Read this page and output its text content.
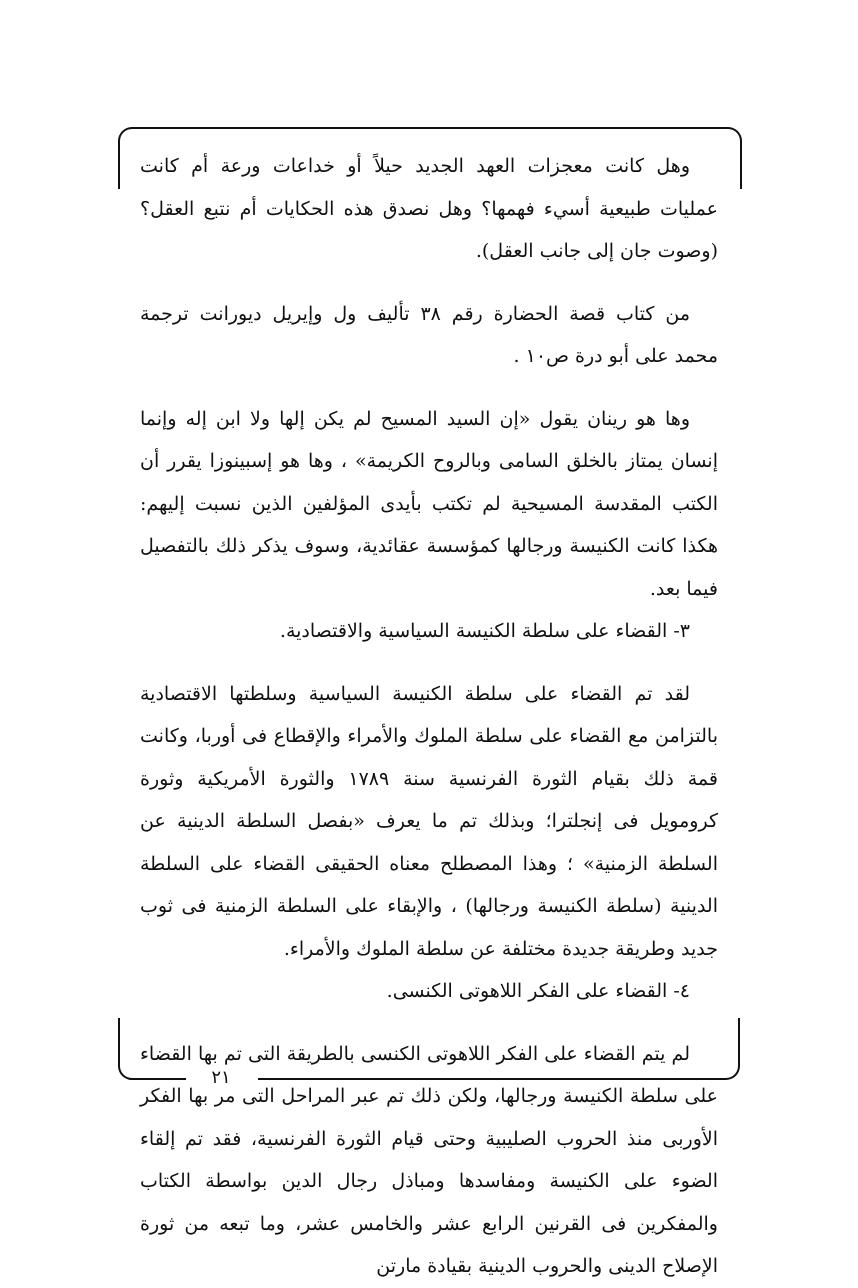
وهل كانت معجزات العهد الجديد حيلاً أو خداعات ورعة أم كانت عمليات طبيعية أسيء فهمها؟ وهل نصدق هذه الحكايات أم نتبع العقل؟ (وصوت جان إلى جانب العقل).

من كتاب قصة الحضارة رقم ٣٨ تأليف ول وإيريل ديورانت ترجمة محمد على أبو درة ص١٠ .

وها هو رينان يقول «إن السيد المسيح لم يكن إلها ولا ابن إله وإنما إنسان يمتاز بالخلق السامى وبالروح الكريمة» ، وها هو إسبينوزا يقرر أن الكتب المقدسة المسيحية لم تكتب بأيدى المؤلفين الذين نسبت إليهم: هكذا كانت الكنيسة ورجالها كمؤسسة عقائدية، وسوف يذكر ذلك بالتفصيل فيما بعد.

٣- القضاء على سلطة الكنيسة السياسية والاقتصادية.

لقد تم القضاء على سلطة الكنيسة السياسية وسلطتها الاقتصادية بالتزامن مع القضاء على سلطة الملوك والأمراء والإقطاع فى أوربا، وكانت قمة ذلك بقيام الثورة الفرنسية سنة ١٧٨٩ والثورة الأمريكية وثورة كرومويل فى إنجلترا؛ وبذلك تم ما يعرف «بفصل السلطة الدينية عن السلطة الزمنية» ؛ وهذا المصطلح معناه الحقيقى القضاء على السلطة الدينية (سلطة الكنيسة ورجالها) ، والإبقاء على السلطة الزمنية فى ثوب جديد وطريقة جديدة مختلفة عن سلطة الملوك والأمراء.

٤- القضاء على الفكر اللاهوتى الكنسى.

لم يتم القضاء على الفكر اللاهوتى الكنسى بالطريقة التى تم بها القضاء على سلطة الكنيسة ورجالها، ولكن ذلك تم عبر المراحل التى مر بها الفكر الأوربى منذ الحروب الصليبية وحتى قيام الثورة الفرنسية، فقد تم إلقاء الضوء على الكنيسة ومفاسدها ومباذل رجال الدين بواسطة الكتاب والمفكرين فى القرنين الرابع عشر والخامس عشر، وما تبعه من ثورة الإصلاح الدينى والحروب الدينية بقيادة مارتن

٢١
